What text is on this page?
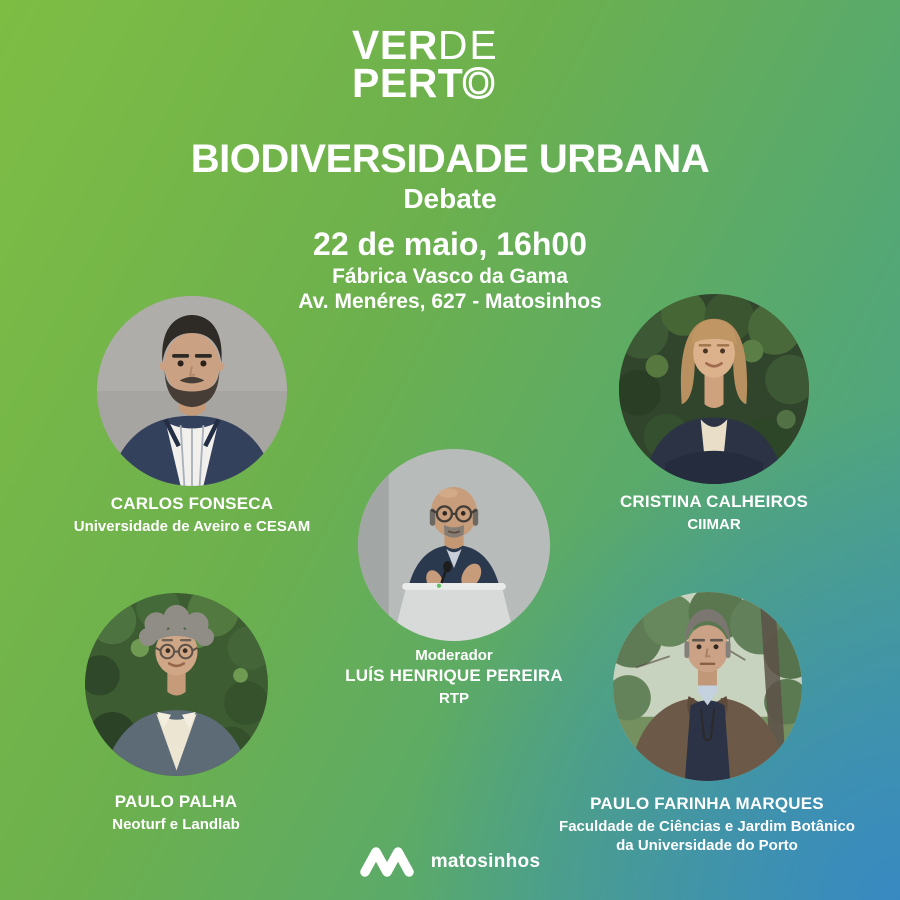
VERDE
PERTO
BIODIVERSIDADE URBANA
Debate
22 de maio, 16h00
Fábrica Vasco da Gama
Av. Menéres, 627 - Matosinhos
CARLOS FONSECA
Universidade de Aveiro e CESAM
CRISTINA CALHEIROS
CIIMAR
Moderador
LUÍS HENRIQUE PEREIRA
RTP
PAULO PALHA
Neoturf e Landlab
PAULO FARINHA MARQUES
Faculdade de Ciências e Jardim Botânico da Universidade do Porto
matosinhos
